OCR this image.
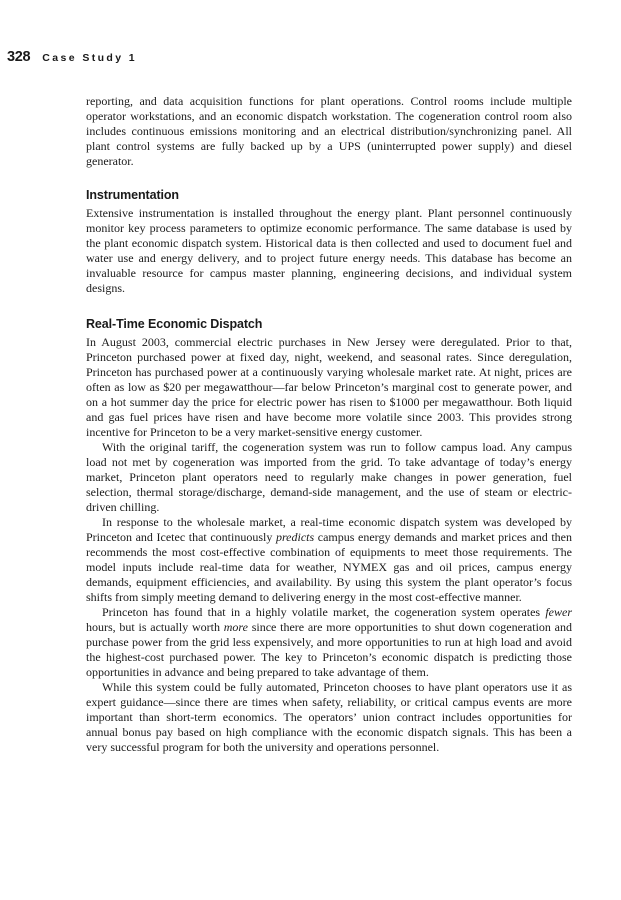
328 Case Study 1

reporting, and data acquisition functions for plant operations. Control rooms include multiple operator workstations, and an economic dispatch workstation. The cogeneration control room also includes continuous emissions monitoring and an electrical distribution/synchronizing panel. All plant control systems are fully backed up by a UPS (uninterrupted power supply) and diesel generator.

Instrumentation

Extensive instrumentation is installed throughout the energy plant. Plant personnel continuously monitor key process parameters to optimize economic performance. The same database is used by the plant economic dispatch system. Historical data is then collected and used to document fuel and water use and energy delivery, and to project future energy needs. This database has become an invaluable resource for campus master planning, engineering decisions, and individual system designs.

Real-Time Economic Dispatch

In August 2003, commercial electric purchases in New Jersey were deregulated. Prior to that, Princeton purchased power at fixed day, night, weekend, and seasonal rates. Since deregulation, Princeton has purchased power at a continuously varying wholesale market rate. At night, prices are often as low as $20 per megawatthour—far below Princeton’s marginal cost to generate power, and on a hot summer day the price for electric power has risen to $1000 per megawatthour. Both liquid and gas fuel prices have risen and have become more volatile since 2003. This provides strong incentive for Princeton to be a very market-sensitive energy customer.

With the original tariff, the cogeneration system was run to follow campus load. Any campus load not met by cogeneration was imported from the grid. To take advantage of today’s energy market, Princeton plant operators need to regularly make changes in power generation, fuel selection, thermal storage/discharge, demand-side management, and the use of steam or electric-driven chilling.

In response to the wholesale market, a real-time economic dispatch system was developed by Princeton and Icetec that continuously predicts campus energy demands and market prices and then recommends the most cost-effective combination of equipments to meet those requirements. The model inputs include real-time data for weather, NYMEX gas and oil prices, campus energy demands, equipment efficiencies, and availability. By using this system the plant operator’s focus shifts from simply meeting demand to delivering energy in the most cost-effective manner.

Princeton has found that in a highly volatile market, the cogeneration system operates fewer hours, but is actually worth more since there are more opportunities to shut down cogeneration and purchase power from the grid less expensively, and more opportunities to run at high load and avoid the highest-cost purchased power. The key to Princeton’s economic dispatch is predicting those opportunities in advance and being prepared to take advantage of them.

While this system could be fully automated, Princeton chooses to have plant operators use it as expert guidance—since there are times when safety, reliability, or critical campus events are more important than short-term economics. The operators’ union contract includes opportunities for annual bonus pay based on high compliance with the economic dispatch signals. This has been a very successful program for both the university and operations personnel.
